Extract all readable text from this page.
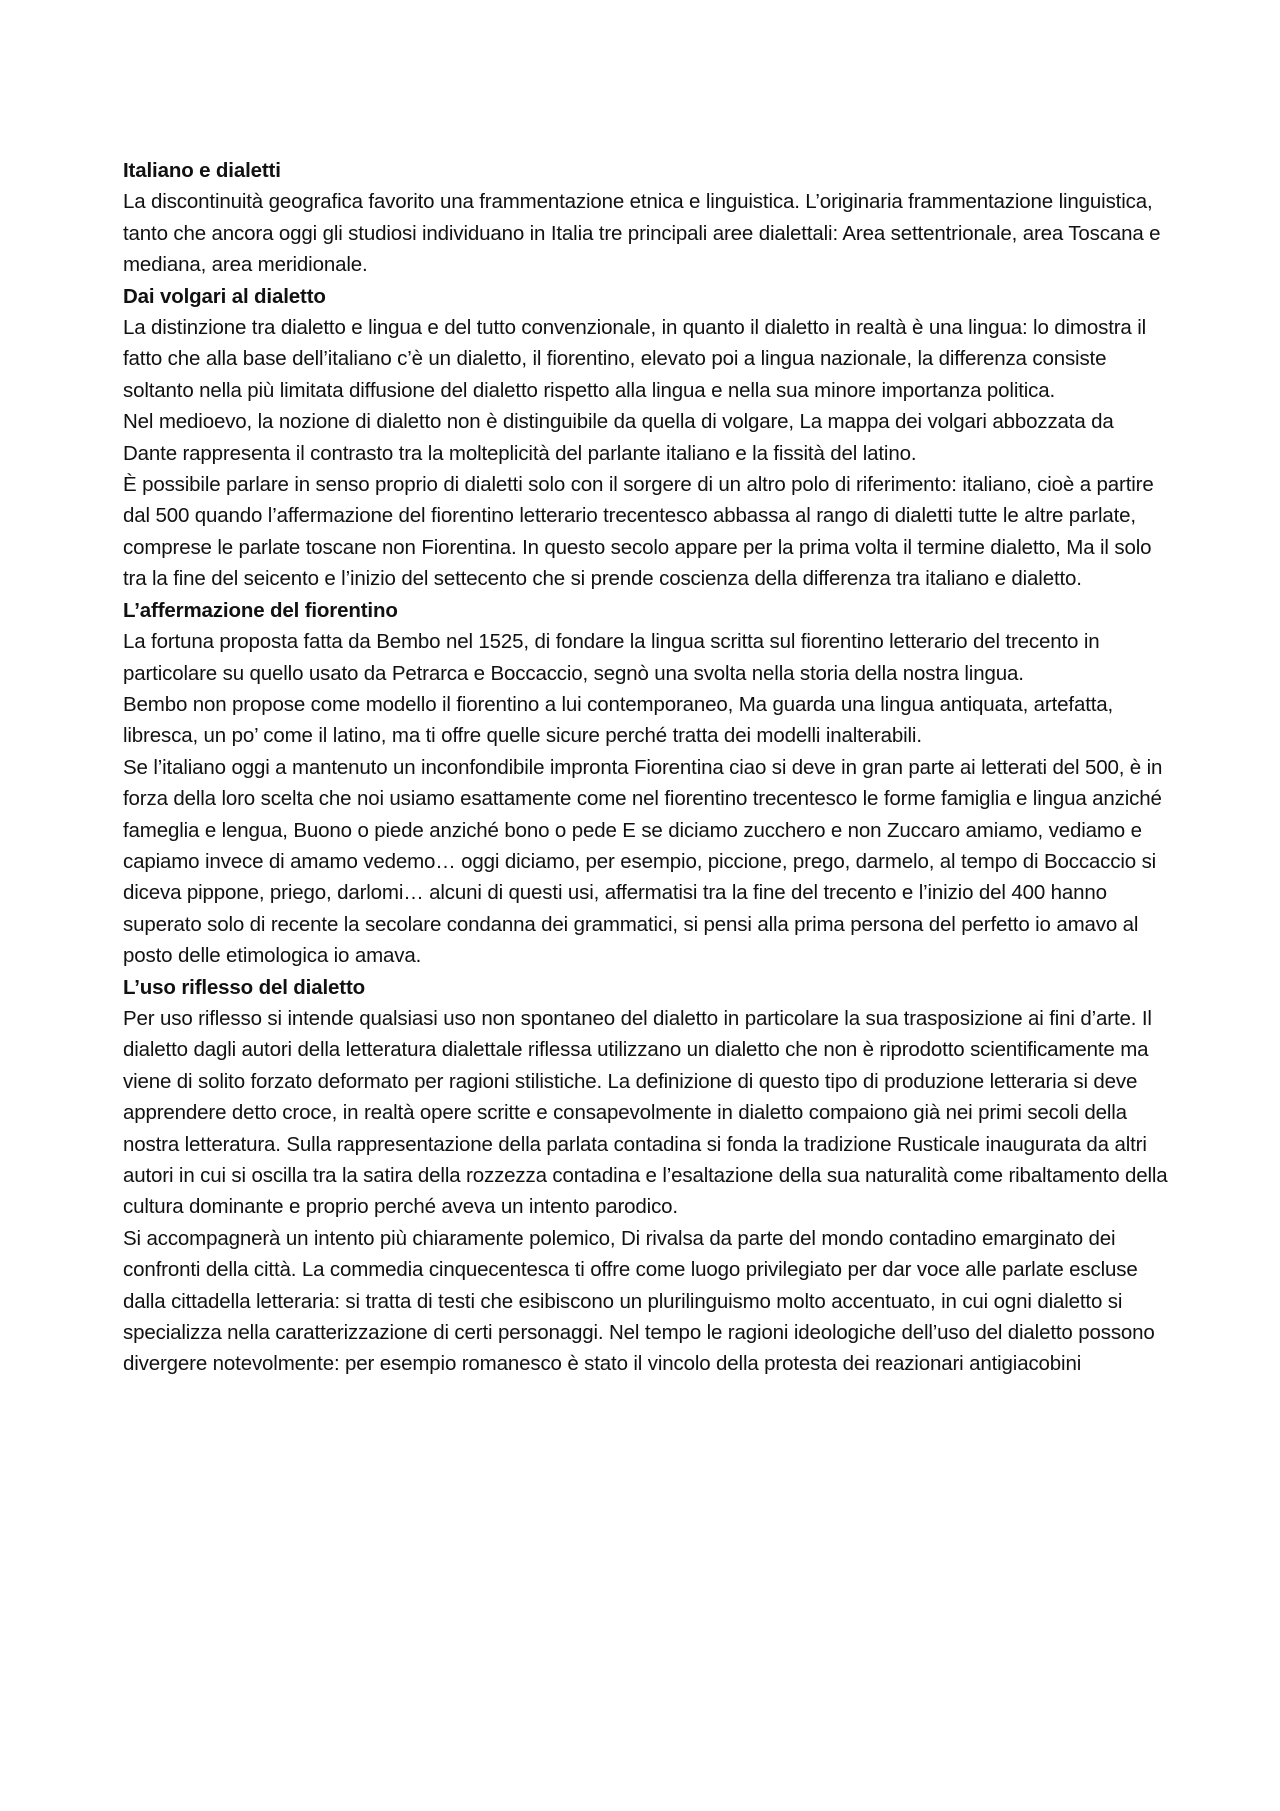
Italiano e dialetti

La discontinuità geografica favorito una frammentazione etnica e linguistica. L’originaria frammentazione linguistica, tanto che ancora oggi gli studiosi individuano in Italia tre principali aree dialettali: Area settentrionale, area Toscana e mediana, area meridionale.

Dai volgari al dialetto

La distinzione tra dialetto e lingua e del tutto convenzionale, in quanto il dialetto in realtà è una lingua: lo dimostra il fatto che alla base dell’italiano c’è un dialetto, il fiorentino, elevato poi a lingua nazionale, la differenza consiste soltanto nella più limitata diffusione del dialetto rispetto alla lingua e nella sua minore importanza politica.

Nel medioevo, la nozione di dialetto non è distinguibile da quella di volgare, La mappa dei volgari abbozzata da Dante rappresenta il contrasto tra la molteplicità del parlante italiano e la fissità del latino.

È possibile parlare in senso proprio di dialetti solo con il sorgere di un altro polo di riferimento: italiano, cioè a partire dal 500 quando l’affermazione del fiorentino letterario trecentesco abbassa al rango di dialetti tutte le altre parlate, comprese le parlate toscane non Fiorentina. In questo secolo appare per la prima volta il termine dialetto, Ma il solo tra la fine del seicento e l’inizio del settecento che si prende coscienza della differenza tra italiano e dialetto.

L’affermazione del fiorentino

La fortuna proposta fatta da Bembo nel 1525, di fondare la lingua scritta sul fiorentino letterario del trecento in particolare su quello usato da Petrarca e Boccaccio, segnò una svolta nella storia della nostra lingua.

Bembo non propose come modello il fiorentino a lui contemporaneo, Ma guarda una lingua antiquata, artefatta, libresca, un po’ come il latino, ma ti offre quelle sicure perché tratta dei modelli inalterabili.

Se l’italiano oggi a mantenuto un inconfondibile impronta Fiorentina ciao si deve in gran parte ai letterati del 500, è in forza della loro scelta che noi usiamo esattamente come nel fiorentino trecentesco le forme famiglia e lingua anziché fameglia e lengua, Buono o piede anziché bono o pede E se diciamo zucchero e non Zuccaro amiamo, vediamo e capiamo invece di amamo vedemo… oggi diciamo, per esempio, piccione, prego, darmelo, al tempo di Boccaccio si diceva pippone, priego, darlomi… alcuni di questi usi, affermatisi tra la fine del trecento e l’inizio del 400 hanno superato solo di recente la secolare condanna dei grammatici, si pensi alla prima persona del perfetto io amavo al posto delle etimologica io amava.

L’uso riflesso del dialetto

Per uso riflesso si intende qualsiasi uso non spontaneo del dialetto in particolare la sua trasposizione ai fini d’arte. Il dialetto dagli autori della letteratura dialettale riflessa utilizzano un dialetto che non è riprodotto scientificamente ma viene di solito forzato deformato per ragioni stilistiche. La definizione di questo tipo di produzione letteraria si deve apprendere detto croce, in realtà opere scritte e consapevolmente in dialetto compaiono già nei primi secoli della nostra letteratura. Sulla rappresentazione della parlata contadina si fonda la tradizione Rusticale inaugurata da altri autori in cui si oscilla tra la satira della rozzezza contadina e l’esaltazione della sua naturalità come ribaltamento della cultura dominante e proprio perché aveva un intento parodico.

Si accompagnerà un intento più chiaramente polemico, Di rivalsa da parte del mondo contadino emarginato dei confronti della città. La commedia cinquecentesca ti offre come luogo privilegiato per dar voce alle parlate escluse dalla cittadella letteraria: si tratta di testi che esibiscono un plurilinguismo molto accentuato, in cui ogni dialetto si specializza nella caratterizzazione di certi personaggi. Nel tempo le ragioni ideologiche dell’uso del dialetto possono divergere notevolmente: per esempio romanesco è stato il vincolo della protesta dei reazionari antigiacobini
